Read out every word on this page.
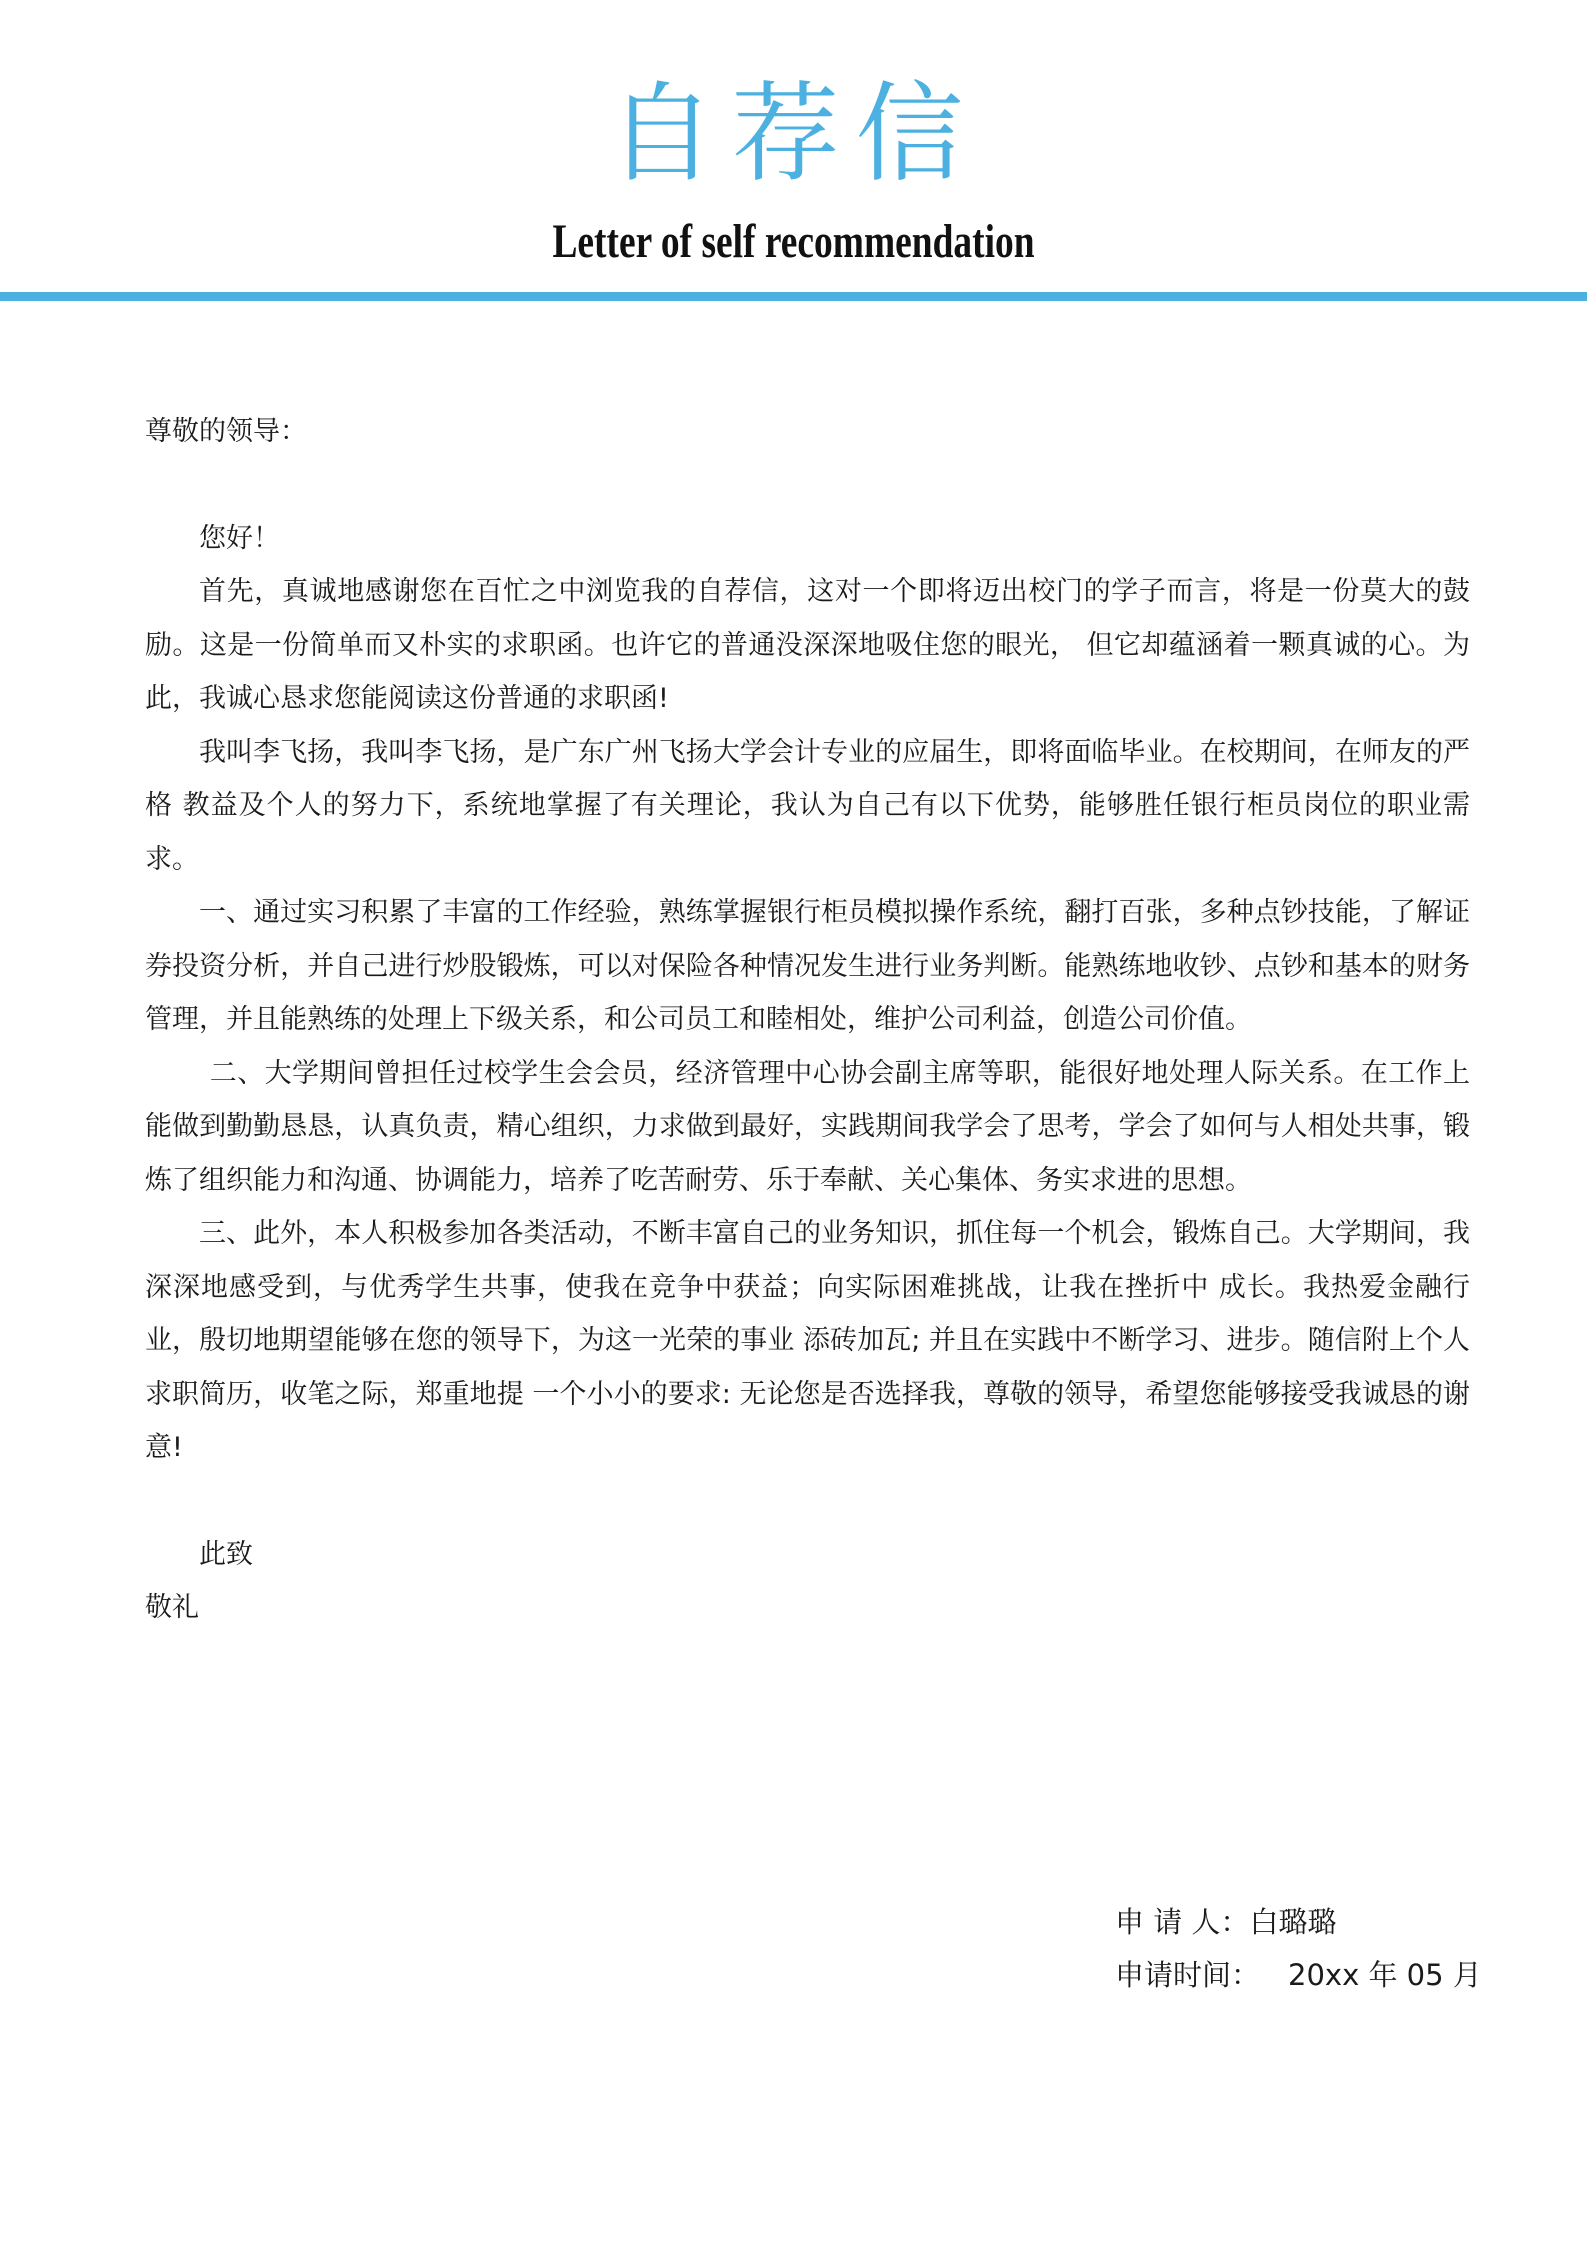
自荐信
Letter of self recommendation

尊敬的领导：

您好！

首先，真诚地感谢您在百忙之中浏览我的自荐信，这对一个即将迈出校门的学子而言，将是一份莫大的鼓励。这是一份简单而又朴实的求职函。也许它的普通没深深地吸住您的眼光， 但它却蕴涵着一颗真诚的心。为此，我诚心恳求您能阅读这份普通的求职函!

我叫李飞扬，我叫李飞扬，是广东广州飞扬大学会计专业的应届生，即将面临毕业。在校期间，在师友的严格 教益及个人的努力下，系统地掌握了有关理论，我认为自己有以下优势，能够胜任银行柜员岗位的职业需求。

一、通过实习积累了丰富的工作经验，熟练掌握银行柜员模拟操作系统，翻打百张，多种点钞技能，了解证券投资分析，并自己进行炒股锻炼，可以对保险各种情况发生进行业务判断。能熟练地收钞、点钞和基本的财务管理，并且能熟练的处理上下级关系，和公司员工和睦相处，维护公司利益，创造公司价值。

二、大学期间曾担任过校学生会会员，经济管理中心协会副主席等职，能很好地处理人际关系。在工作上能做到勤勤恳恳，认真负责，精心组织，力求做到最好，实践期间我学会了思考，学会了如何与人相处共事，锻炼了组织能力和沟通、协调能力，培养了吃苦耐劳、乐于奉献、关心集体、务实求进的思想。

三、此外，本人积极参加各类活动，不断丰富自己的业务知识，抓住每一个机会，锻炼自己。大学期间，我深深地感受到，与优秀学生共事，使我在竞争中获益；向实际困难挑战，让我在挫折中 成长。我热爱金融行业，殷切地期望能够在您的领导下，为这一光荣的事业 添砖加瓦; 并且在实践中不断学习、进步。随信附上个人求职简历，收笔之际，郑重地提 一个小小的要求: 无论您是否选择我，尊敬的领导，希望您能够接受我诚恳的谢意!

此致

敬礼

申 请 人： 白璐璐
申请时间： 20xx 年 05 月
